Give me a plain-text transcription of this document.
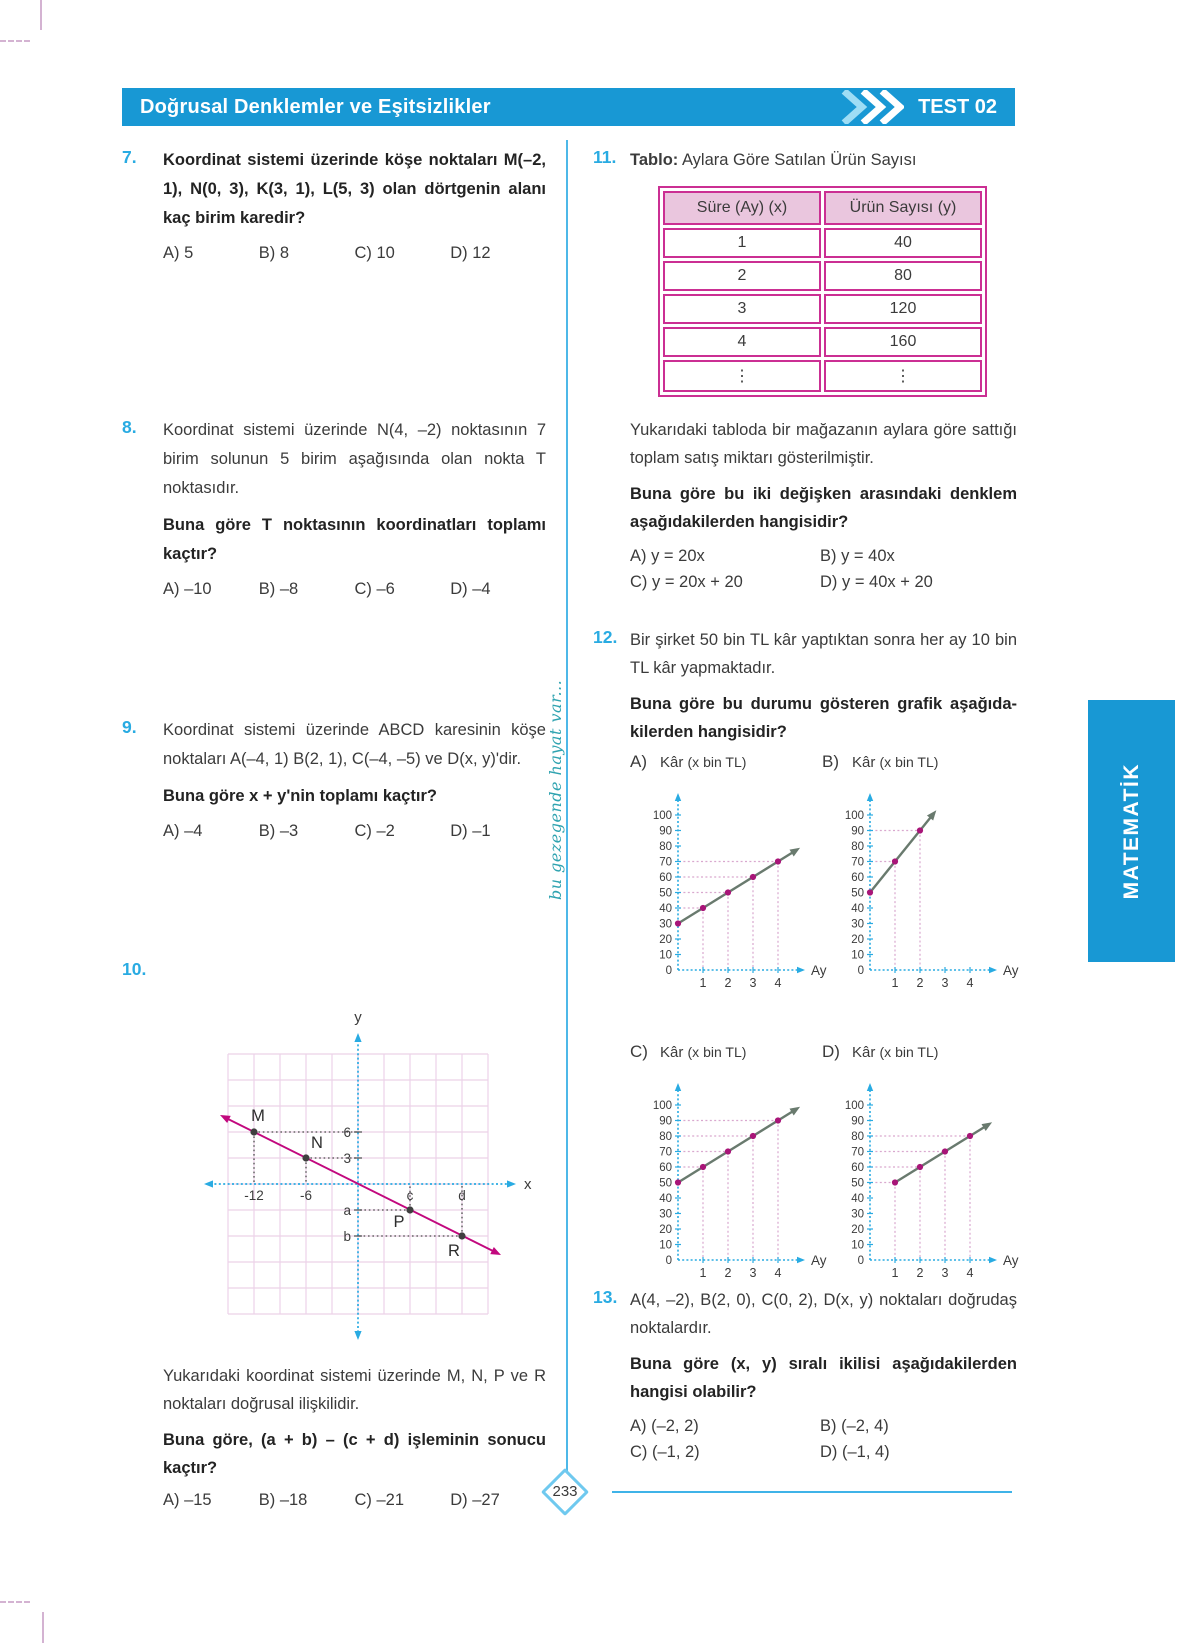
Doğrusal Denklemler ve Eşitsizlikler	TEST 02
7. Koordinat sistemi üzerinde köşe noktaları M(–2, 1), N(0, 3), K(3, 1), L(5, 3) olan dörtgenin alanı kaç birim karedir?

A) 5	B) 8	C) 10	D) 12
8. Koordinat sistemi üzerinde N(4, –2) noktasının 7 birim solunun 5 birim aşağısında olan nokta T noktasıdır.

Buna göre T noktasının koordinatları toplamı kaçtır?

A) –10	B) –8	C) –6	D) –4
9. Koordinat sistemi üzerinde ABCD karesinin köşe noktaları A(–4, 1) B(2, 1), C(–4, –5) ve D(x, y)'dir.

Buna göre x + y'nin toplamı kaçtır?

A) –4	B) –3	C) –2	D) –1
10.
y
x
-12	-6	c	d
6
3
a
b
M
N
P
R

Yukarıdaki koordinat sistemi üzerinde M, N, P ve R noktaları doğrusal ilişkilidir.

Buna göre, (a + b) – (c + d) işleminin sonucu kaçtır?

A) –15	B) –18	C) –21	D) –27
11. Tablo: Aylara Göre Satılan Ürün Sayısı

Süre (Ay) (x)	Ürün Sayısı (y)
1	40
2	80
3	120
4	160
⋮	⋮

Yukarıdaki tabloda bir mağazanın aylara göre sattığı toplam satış miktarı gösterilmiştir.

Buna göre bu iki değişken arasındaki denklem aşağıdakilerden hangisidir?

A) y = 20x	B) y = 40x
C) y = 20x + 20	D) y = 40x + 20
12. Bir şirket 50 bin TL kâr yaptıktan sonra her ay 10 bin TL kâr yapmaktadır.

Buna göre bu durumu gösteren grafik aşağıda- kilerden hangisidir?

A) Kâr (x bin TL)
10
20
30
40
50
60
70
80
90
100
0
1 2 3 4
Ay
B) Kâr (x bin TL)
10
20
30
40
50
60
70
80
90
100
0
1 2 3 4
Ay
C) Kâr (x bin TL)
10
20
30
40
50
60
70
80
90
100
0
1 2 3 4
Ay
D) Kâr (x bin TL)
10
20
30
40
50
60
70
80
90
100
0
1 2 3 4
Ay
13. A(4, –2), B(2, 0), C(0, 2), D(x, y) noktaları doğrudaş noktalardır.

Buna göre (x, y) sıralı ikilisi aşağıdakilerden hangisi olabilir?

A) (–2, 2)	B) (–2, 4)
C) (–1, 2)	D) (–1, 4)
MATEMATİK
bu gezegende hayat var...
233
